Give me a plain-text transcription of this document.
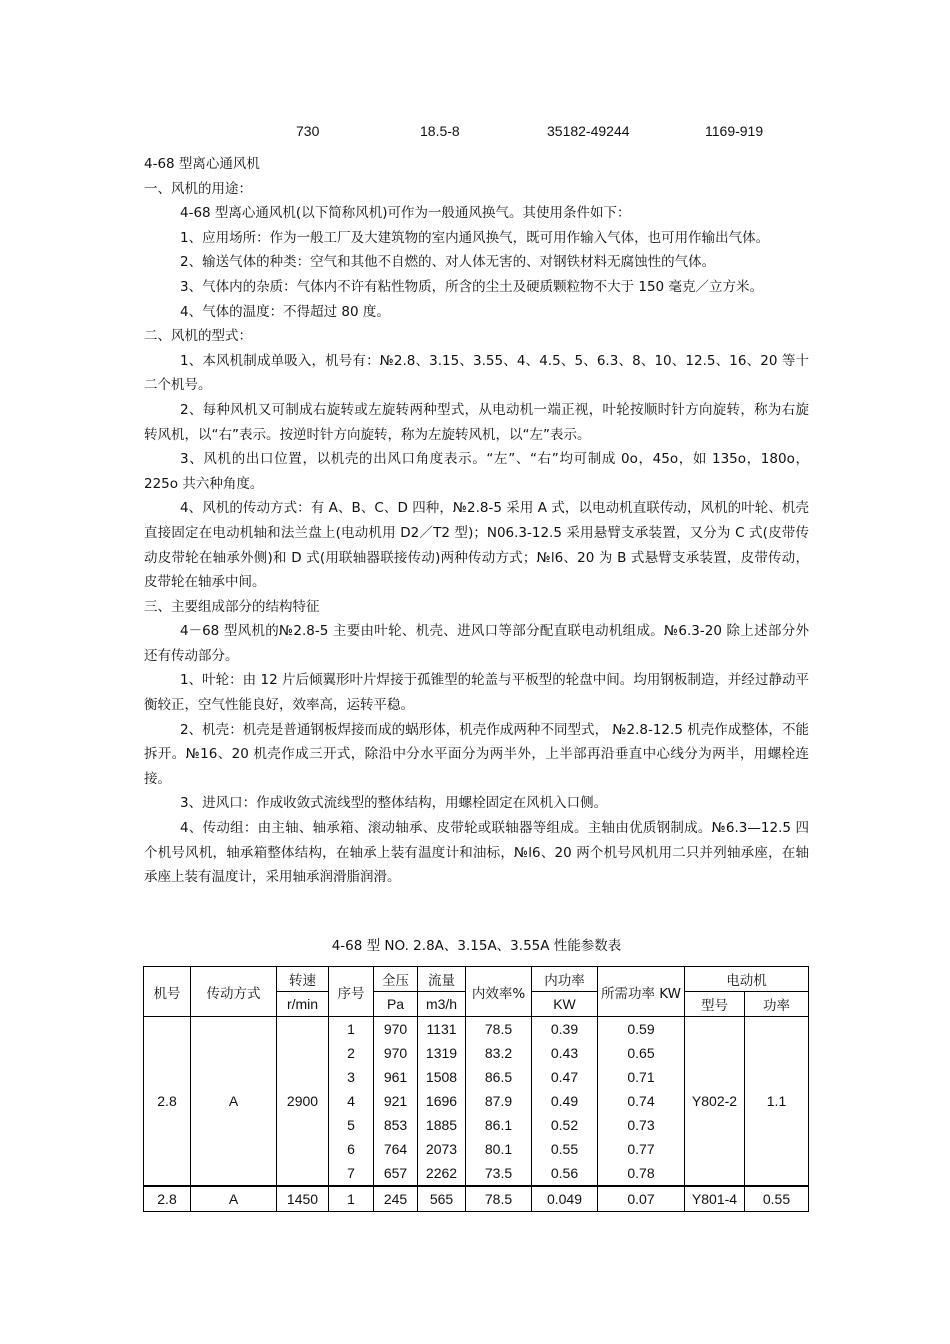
730	18.5-8	35182-49244	1169-919

4-68 型离心通风机

一、风机的用途：

4-68 型离心通风机(以下简称风机)可作为一般通风换气。其使用条件如下：

1、应用场所：作为一般工厂及大建筑物的室内通风换气，既可用作输入气体，也可用作输出气体。

2、输送气体的种类：空气和其他不自燃的、对人体无害的、对钢铁材料无腐蚀性的气体。

3、气体内的杂质：气体内不许有粘性物质，所含的尘土及硬质颗粒物不大于 150 毫克／立方米。

4、气体的温度：不得超过 80 度。

二、风机的型式：

1、本风机制成单吸入，机号有：№2.8、3.15、3.55、4、4.5、5、6.3、8、10、12.5、16、20 等十二个机号。

2、每种风机又可制成右旋转或左旋转两种型式，从电动机一端正视，叶轮按顺时针方向旋转，称为右旋转风机，以“右”表示。按逆时针方向旋转，称为左旋转风机，以“左”表示。

3、风机的出口位置，以机壳的出风口角度表示。“左”、“右”均可制成 0o，45o，如 135o，180o，225o 共六种角度。

4、风机的传动方式：有 A、B、C、D 四种，№2.8-5 采用 A 式，以电动机直联传动，风机的叶轮、机壳直接固定在电动机轴和法兰盘上(电动机用 D2／T2 型)；N06.3-12.5 采用悬臂支承装置，又分为 C 式(皮带传动皮带轮在轴承外侧)和 D 式(用联轴器联接传动)两种传动方式；№l6、20 为 B 式悬臂支承装置，皮带传动，皮带轮在轴承中间。

三、主要组成部分的结构特征

4－68 型风机的№2.8-5 主要由叶轮、机壳、进风口等部分配直联电动机组成。№6.3-20 除上述部分外还有传动部分。

1、叶轮：由 12 片后倾翼形叶片焊接于孤锥型的轮盖与平板型的轮盘中间。均用钢板制造，并经过静动平衡较正，空气性能良好，效率高，运转平稳。

2、机壳：机壳是普通钢板焊接而成的蜗形体，机壳作成两种不同型式， №2.8-12.5 机壳作成整体，不能拆开。№16、20 机壳作成三开式，除沿中分水平面分为两半外，上半部再沿垂直中心线分为两半，用螺栓连接。

3、进风口：作成收敛式流线型的整体结构，用螺栓固定在风机入口侧。

4、传动组：由主轴、轴承箱、滚动轴承、皮带轮或联轴器等组成。主轴由优质钢制成。№6.3—12.5 四个机号风机，轴承箱整体结构，在轴承上装有温度计和油标，№l6、20 两个机号风机用二只并列轴承座，在轴承座上装有温度计，采用轴承润滑脂润滑。

4-68 型 NO. 2.8A、3.15A、3.55A 性能参数表
机号	传动方式	转速	序号	全压	流量	内效率%	内功率	所需功率 KW	电动机	
		r/min		Pa	m3/h		KW		型号	功率
2.8	A	2900	1	970	1131	78.5	0.39	0.59	Y802-2	1.1
			2	970	1319	83.2	0.43	0.65		
			3	961	1508	86.5	0.47	0.71		
			4	921	1696	87.9	0.49	0.74		
			5	853	1885	86.1	0.52	0.73		
			6	764	2073	80.1	0.55	0.77		
			7	657	2262	73.5	0.56	0.78		
2.8	A	1450	1	245	565	78.5	0.049	0.07	Y801-4	0.55
